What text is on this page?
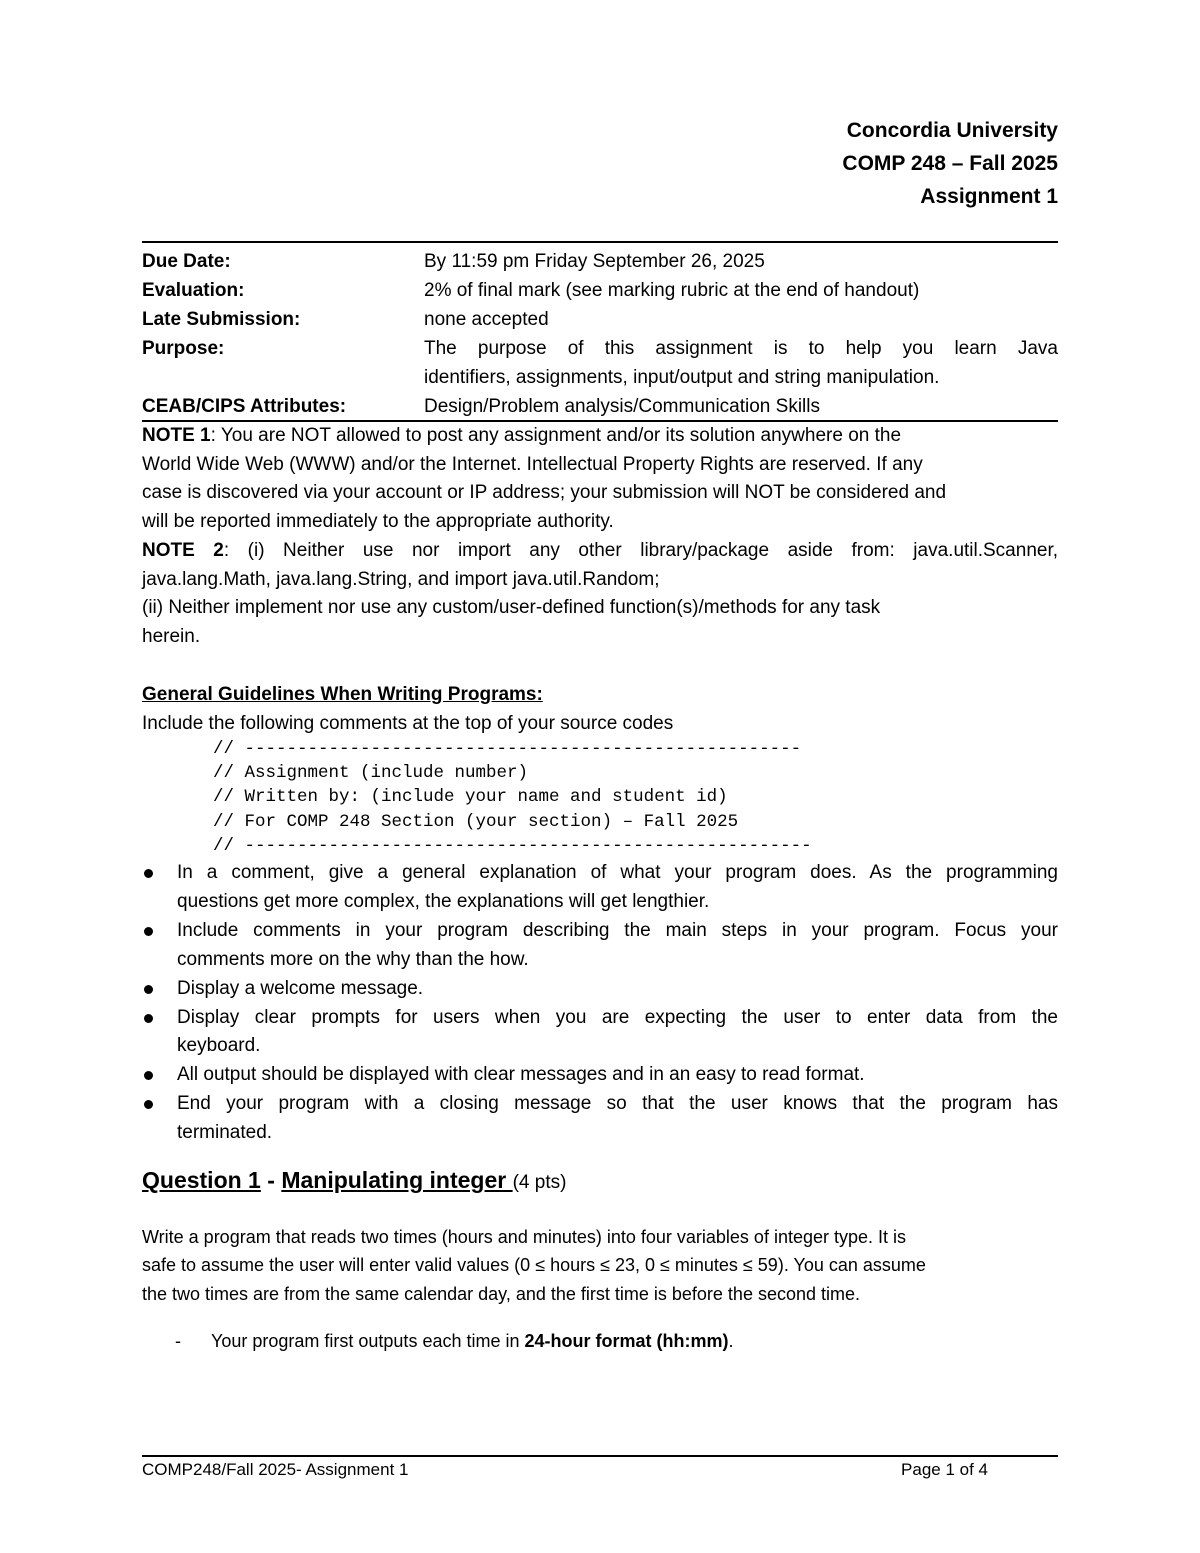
Concordia University
COMP 248 – Fall 2025
Assignment 1
Due Date:	By 11:59 pm Friday September 26, 2025
Evaluation:	2% of final mark (see marking rubric at the end of handout)
Late Submission:	none accepted
Purpose:	The purpose of this assignment is to help you learn Java
identifiers, assignments, input/output and string manipulation.
CEAB/CIPS Attributes:	Design/Problem analysis/Communication Skills
NOTE 1: You are NOT allowed to post any assignment and/or its solution anywhere on the
World Wide Web (WWW) and/or the Internet. Intellectual Property Rights are reserved. If any
case is discovered via your account or IP address; your submission will NOT be considered and
will be reported immediately to the appropriate authority.
NOTE 2: (i) Neither use nor import any other library/package aside from: java.util.Scanner,
java.lang.Math, java.lang.String, and import java.util.Random;
(ii) Neither implement nor use any custom/user-defined function(s)/methods for any task
herein.
General Guidelines When Writing Programs:
Include the following comments at the top of your source codes
// -----------------------------------------------------
// Assignment (include number)
// Written by: (include your name and student id)
// For COMP 248 Section (your section) – Fall 2025
// ------------------------------------------------------
In a comment, give a general explanation of what your program does. As the programming
questions get more complex, the explanations will get lengthier.
Include comments in your program describing the main steps in your program. Focus your
comments more on the why than the how.
Display a welcome message.
Display clear prompts for users when you are expecting the user to enter data from the
keyboard.
All output should be displayed with clear messages and in an easy to read format.
End your program with a closing message so that the user knows that the program has
terminated.
Question 1 - Manipulating integer (4 pts)
Write a program that reads two times (hours and minutes) into four variables of integer type. It is
safe to assume the user will enter valid values (0 ≤ hours ≤ 23, 0 ≤ minutes ≤ 59). You can assume
the two times are from the same calendar day, and the first time is before the second time.
- Your program first outputs each time in 24-hour format (hh:mm).
COMP248/Fall 2025- Assignment 1	Page 1 of 4
